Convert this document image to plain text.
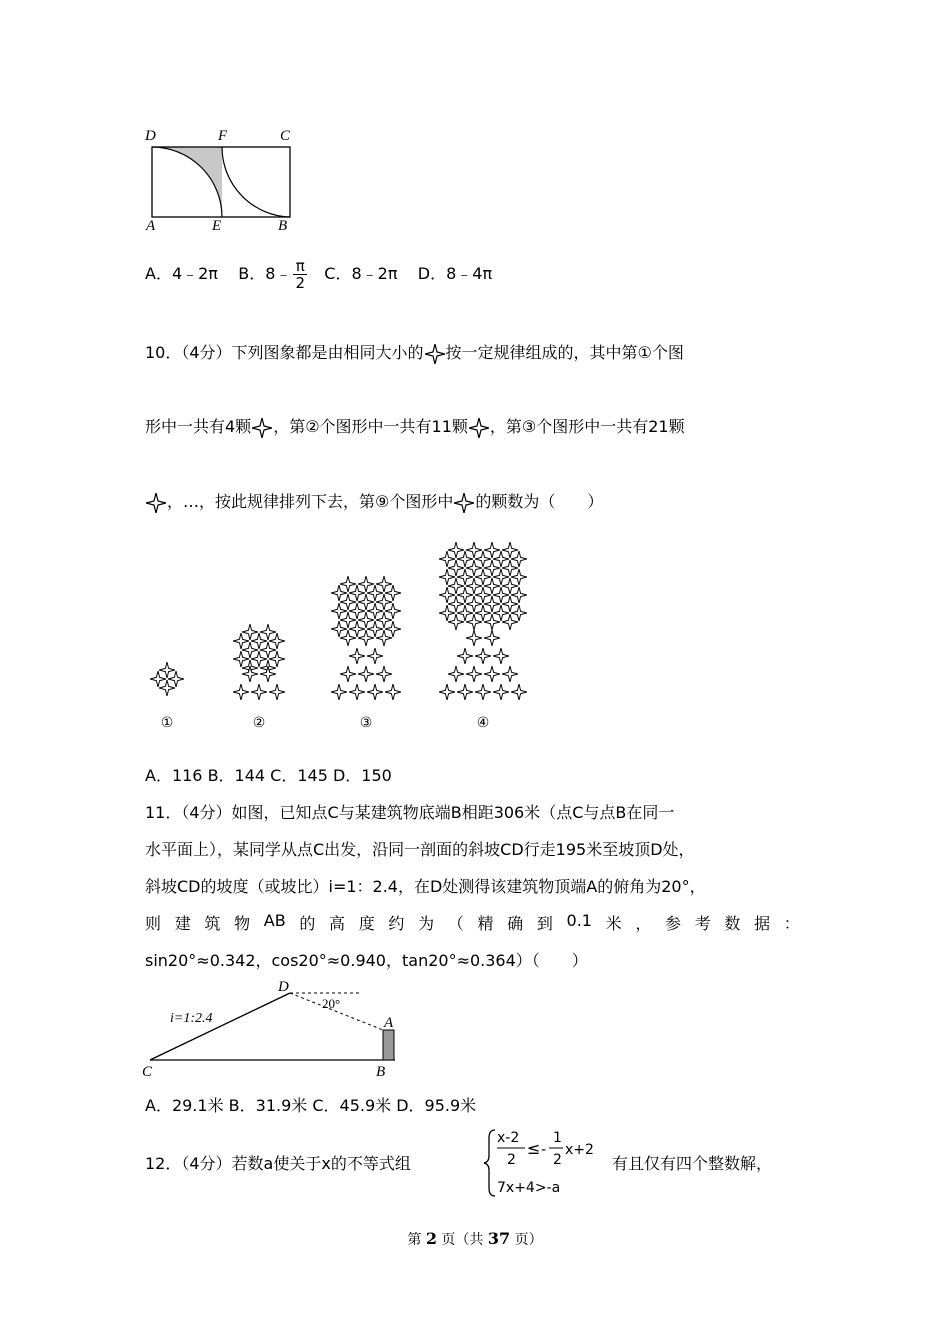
D	F	C
A	E	B
A．4﹣2π B．8﹣ $\frac{\pi}{2}$ C．8﹣2π D．8﹣4π
10．（4分）下列图象都是由相同大小的 按一定规律组成的，其中第①个图
形中一共有4颗 ，第②个图形中一共有11颗 ，第③个图形中一共有21颗
，…，按此规律排列下去，第⑨个图形中 的颗数为（　　）
①	②	③	④
A．116 B．144 C．145 D．150
11．（4分）如图，已知点C与某建筑物底端B相距306米（点C与点B在同一
水平面上），某同学从点C出发，沿同一剖面的斜坡CD行走195米至坡顶D处，
斜坡CD的坡度（或坡比）i=1：2.4，在D处测得该建筑物顶端A的俯角为20°，
则 建 筑 物 AB 的 高 度 约 为 （ 精 确 到 0.1 米 ， 参 考 数 据 ：
sin20°≈0.342，cos20°≈0.940，tan20°≈0.364）（　　）
i=1:2.4
20°
D
A
C	B
A．29.1米 B．31.9米 C．45.9米 D．95.9米
12．（4分）若数a使关于x的不等式组
x-2
2
≤ -
1
2
x+2
7x+4>-a
有且仅有四个整数解，
第 2 页（共 37 页）
